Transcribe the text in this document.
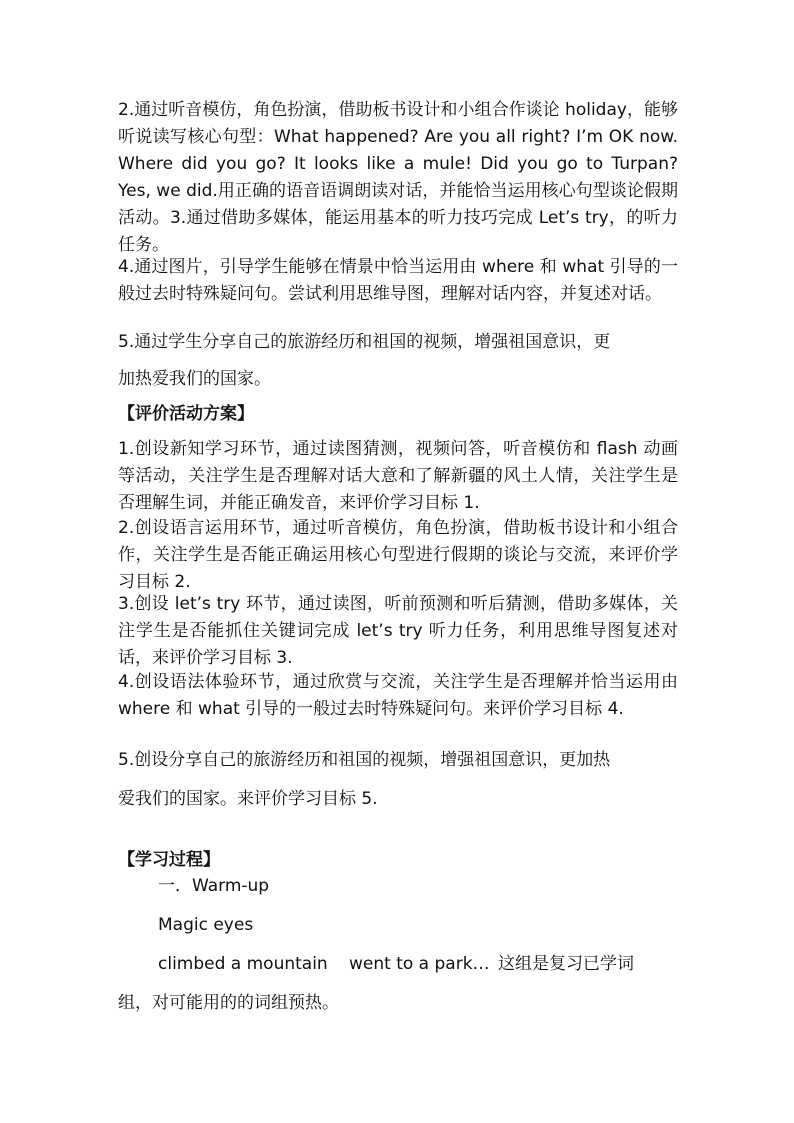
2.通过听音模仿，角色扮演，借助板书设计和小组合作谈论 holiday，能够听说读写核心句型：What happened? Are you all right? I’m OK now. Where did you go? It looks like a mule! Did you go to Turpan? Yes, we did.用正确的语音语调朗读对话，并能恰当运用核心句型谈论假期活动。3.通过借助多媒体，能运用基本的听力技巧完成 Let’s try，的听力任务。

4.通过图片，引导学生能够在情景中恰当运用由 where 和 what 引导的一般过去时特殊疑问句。尝试利用思维导图，理解对话内容，并复述对话。

5.通过学生分享自己的旅游经历和祖国的视频，增强祖国意识，更

加热爱我们的国家。

【评价活动方案】

1.创设新知学习环节，通过读图猜测，视频问答，听音模仿和 flash 动画等活动，关注学生是否理解对话大意和了解新疆的风土人情，关注学生是否理解生词，并能正确发音，来评价学习目标 1.

2.创设语言运用环节，通过听音模仿，角色扮演，借助板书设计和小组合作，关注学生是否能正确运用核心句型进行假期的谈论与交流，来评价学习目标 2.

3.创设 let’s try 环节，通过读图，听前预测和听后猜测，借助多媒体，关注学生是否能抓住关键词完成 let’s try 听力任务，利用思维导图复述对话，来评价学习目标 3.

4.创设语法体验环节，通过欣赏与交流，关注学生是否理解并恰当运用由 where 和 what 引导的一般过去时特殊疑问句。来评价学习目标 4.

5.创设分享自己的旅游经历和祖国的视频，增强祖国意识，更加热

爱我们的国家。来评价学习目标 5.

【学习过程】

一．Warm-up

Magic eyes

climbed a mountain went to a park… 这组是复习已学词

组，对可能用的的词组预热。
